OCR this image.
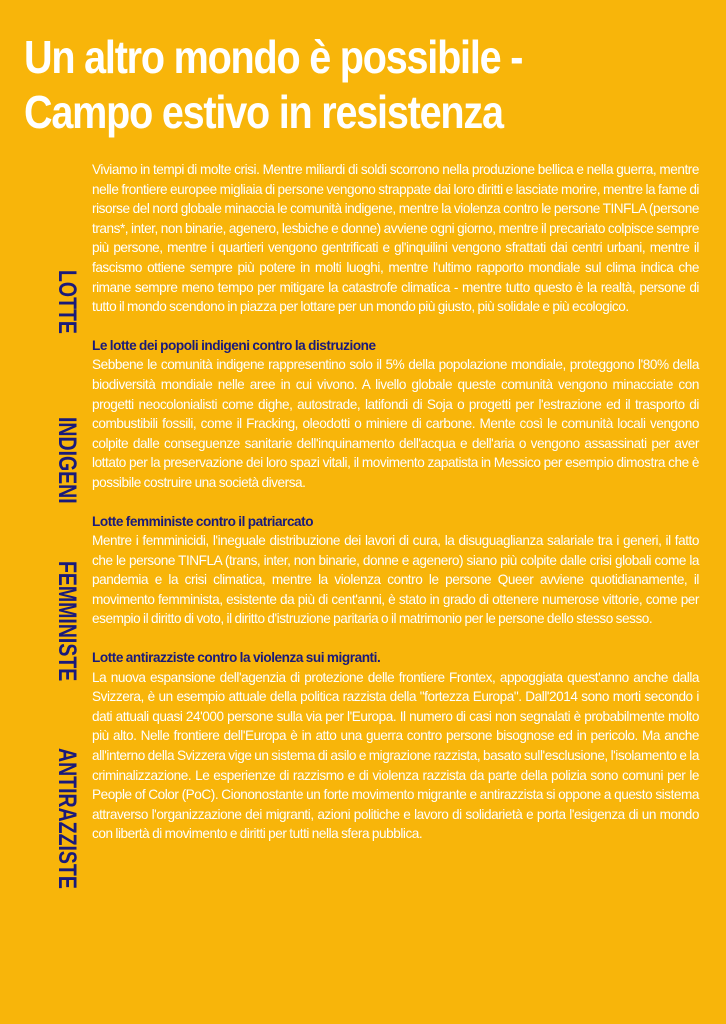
Un altro mondo è possibile -
Campo estivo in resistenza
LOTTE
INDIGENI
FEMMINISTE
ANTIRAZZISTE

Viviamo in tempi di molte crisi. Mentre miliardi di soldi scorrono nella produzione bellica e nella guerra, mentre nelle frontiere europee migliaia di persone vengono strappate dai loro diritti e lasciate morire, mentre la fame di risorse del nord globale minaccia le comunità indigene, mentre la violenza contro le persone TINFLA (persone trans*, inter, non binarie, agenero, lesbiche e donne) avviene ogni giorno, mentre il precariato colpisce sempre più persone, mentre i quartieri vengono gentrificati e gl'inquilini vengono sfrattati dai centri urbani, mentre il fascismo ottiene sempre più potere in molti luoghi, mentre l'ultimo rapporto mondiale sul clima indica che rimane sempre meno tempo per mitigare la catastrofe climatica - mentre tutto questo è la realtà, persone di tutto il mondo scendono in piazza per lottare per un mondo più giusto, più solidale e più ecologico.

Le lotte dei popoli indigeni contro la distruzione

Sebbene le comunità indigene rappresentino solo il 5% della popolazione mondiale, proteggono l'80% della biodiversità mondiale nelle aree in cui vivono. A livello globale queste comunità vengono minacciate con progetti neocolonialisti come dighe, autostrade, latifondi di Soja o progetti per l'estrazione ed il trasporto di combustibili fossili, come il Fracking, oleodotti o miniere di carbone. Mente così le comunità locali vengono colpite dalle conseguenze sanitarie dell'inquinamento dell'acqua e dell'aria o vengono assassinati per aver lottato per la preservazione dei loro spazi vitali, il movimento zapatista in Messico per esempio dimostra che è possibile costruire una società diversa.

Lotte femministe contro il patriarcato

Mentre i femminicidi, l'ineguale distribuzione dei lavori di cura, la disuguaglianza salariale tra i generi, il fatto che le persone TINFLA (trans, inter, non binarie, donne e agenero) siano più colpite dalle crisi globali come la pandemia e la crisi climatica, mentre la violenza contro le persone Queer avviene quotidianamente, il movimento femminista, esistente da più di cent'anni, è stato in grado di ottenere numerose vittorie, come per esempio il diritto di voto, il diritto d'istruzione paritaria o il matrimonio per le persone dello stesso sesso.

Lotte antirazziste contro la violenza sui migranti.

La nuova espansione dell'agenzia di protezione delle frontiere Frontex, appoggiata quest'anno anche dalla Svizzera, è un esempio attuale della politica razzista della "fortezza Europa". Dall'2014 sono morti secondo i dati attuali quasi 24'000 persone sulla via per l'Europa. Il numero di casi non segnalati è probabilmente molto più alto. Nelle frontiere dell'Europa è in atto una guerra contro persone bisognose ed in pericolo. Ma anche all'interno della Svizzera vige un sistema di asilo e migrazione razzista, basato sull'esclusione, l'isolamento e la criminalizzazione. Le esperienze di razzismo e di violenza razzista da parte della polizia sono comuni per le People of Color (PoC). Ciononostante un forte movimento migrante e antirazzista si oppone a questo sistema attraverso l'organizzazione dei migranti, azioni politiche e lavoro di solidarietà e porta l'esigenza di un mondo con libertà di movimento e diritti per tutti nella sfera pubblica.
